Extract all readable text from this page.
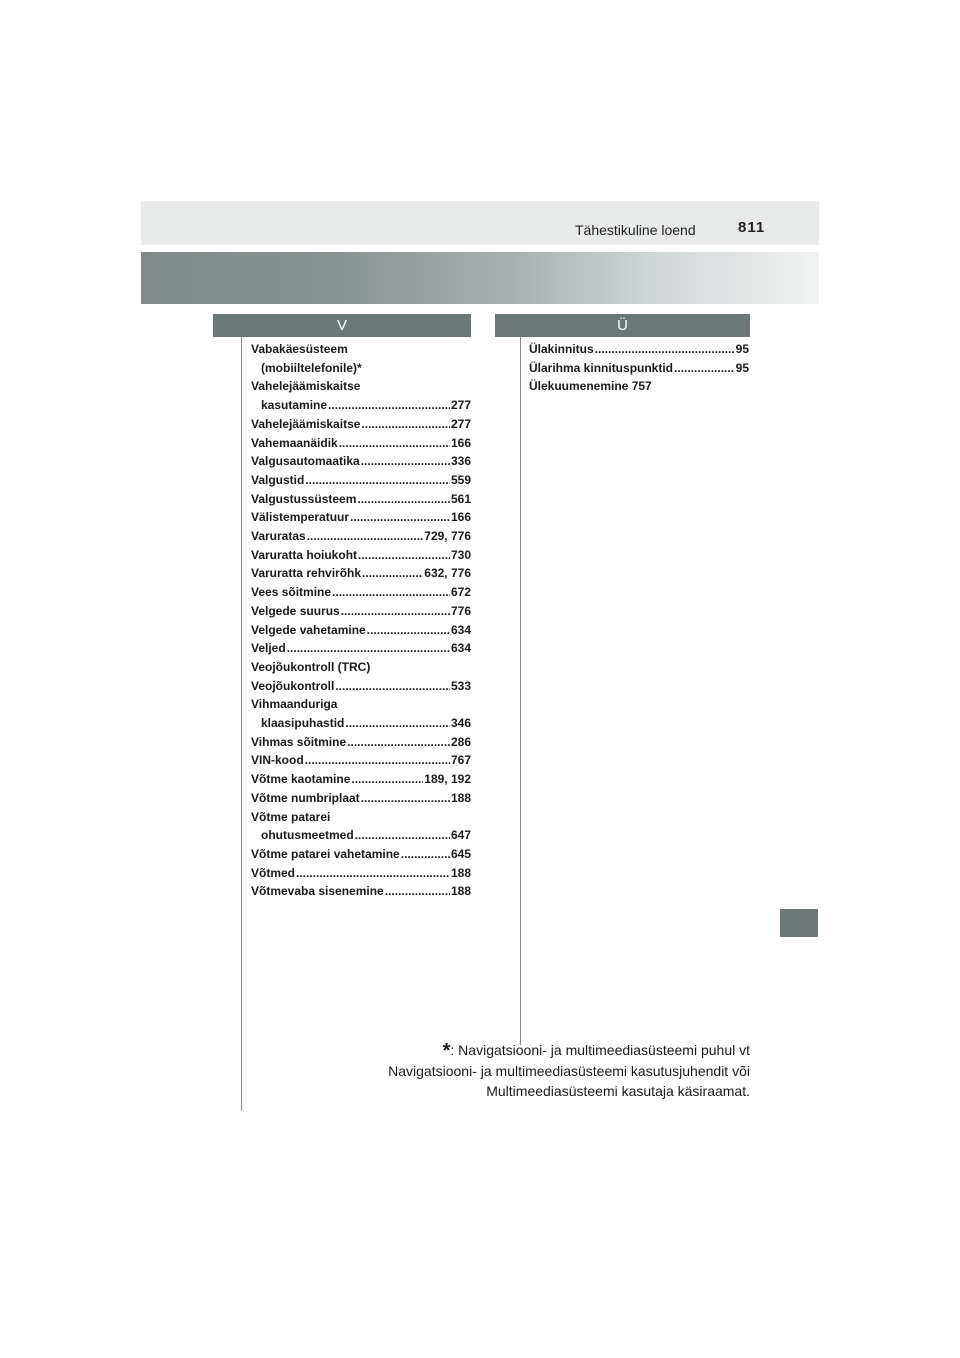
Tähestikuline loend	811
V	Ü
Vabakäesüsteem
(mobiiltelefonile)*
Vahelejäämiskaitse
kasutamine .....	277
Vahelejäämiskaitse .....	277
Vahemaanäidik .....	166
Valgusautomaatika .....	336
Valgustid .....	559
Valgustussüsteem .....	561
Välistemperatuur .....	166
Varuratas .....	729, 776
Varuratta hoiukoht .....	730
Varuratta rehvirõhk .....	632, 776
Vees sõitmine .....	672
Velgede suurus .....	776
Velgede vahetamine .....	634
Veljed .....	634
Veojõukontroll (TRC)
Veojõukontroll .....	533
Vihmaanduriga
klaasipuhastid .....	346
Vihmas sõitmine .....	286
VIN-kood .....	767
Võtme kaotamine .....	189, 192
Võtme numbriplaat .....	188
Võtme patarei
ohutusmeetmed .....	647
Võtme patarei vahetamine .....	645
Võtmed .....	188
Võtmevaba sisenemine .....	188
Ülakinnitus .....	95
Ülarihma kinnituspunktid .....	95
Ülekuumenemine 757

*: Navigatsiooni- ja multimeediasüsteemi puhul vt

Navigatsiooni- ja multimeediasüsteemi kasutusjuhendit või

Multimeediasüsteemi kasutaja käsiraamat.
